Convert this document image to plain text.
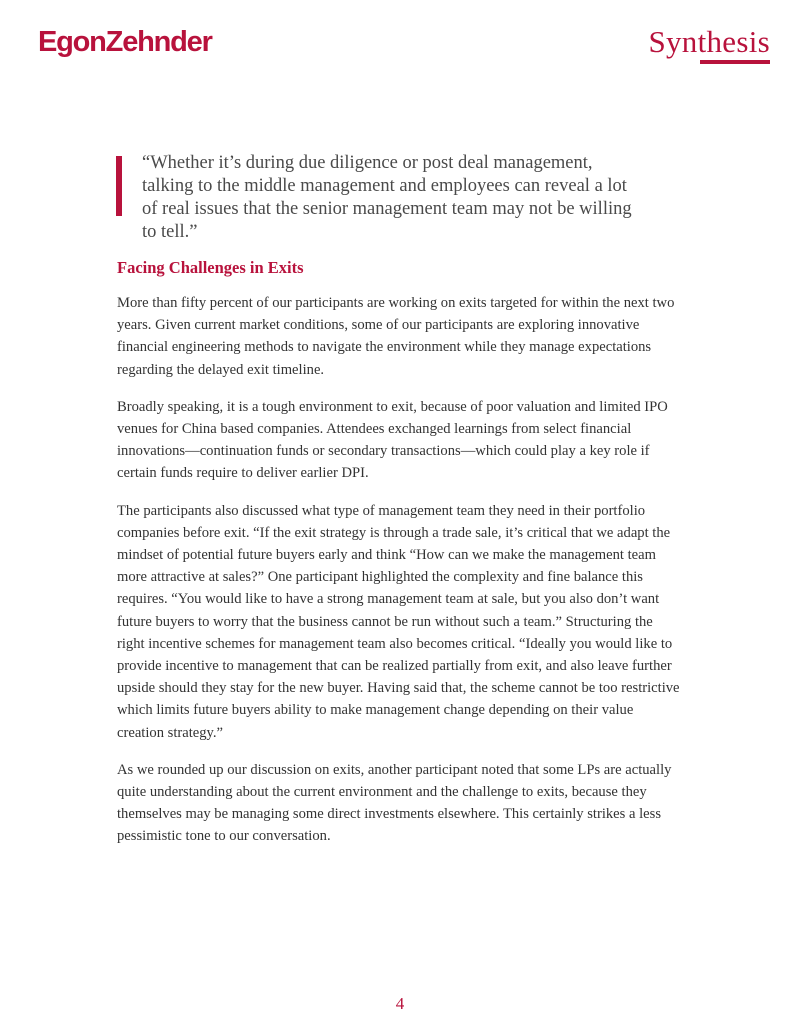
EgonZehnder	Synthesis
“Whether it’s during due diligence or post deal management, talking to the middle management and employees can reveal a lot of real issues that the senior management team may not be willing to tell.”
Facing Challenges in Exits

More than fifty percent of our participants are working on exits targeted for within the next two years. Given current market conditions, some of our participants are exploring innovative financial engineering methods to navigate the environment while they manage expectations regarding the delayed exit timeline.

Broadly speaking, it is a tough environment to exit, because of poor valuation and limited IPO venues for China based companies. Attendees exchanged learnings from select financial innovations—continuation funds or secondary transactions—which could play a key role if certain funds require to deliver earlier DPI.

The participants also discussed what type of management team they need in their portfolio companies before exit. “If the exit strategy is through a trade sale, it’s critical that we adapt the mindset of potential future buyers early and think “How can we make the management team more attractive at sales?” One participant highlighted the complexity and fine balance this requires. “You would like to have a strong management team at sale, but you also don’t want future buyers to worry that the business cannot be run without such a team.” Structuring the right incentive schemes for management team also becomes critical. “Ideally you would like to provide incentive to management that can be realized partially from exit, and also leave further upside should they stay for the new buyer. Having said that, the scheme cannot be too restrictive which limits future buyers ability to make management change depending on their value creation strategy.”

As we rounded up our discussion on exits, another participant noted that some LPs are actually quite understanding about the current environment and the challenge to exits, because they themselves may be managing some direct investments elsewhere. This certainly strikes a less pessimistic tone to our conversation.

4
